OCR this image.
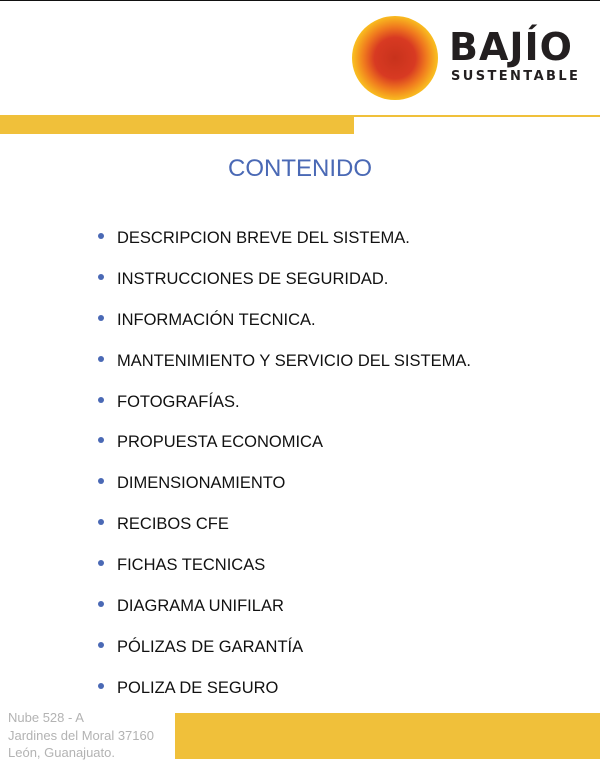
BAJÍO
SUSTENTABLE
CONTENIDO
DESCRIPCION BREVE DEL SISTEMA.
INSTRUCCIONES DE SEGURIDAD.
INFORMACIÓN TECNICA.
MANTENIMIENTO Y SERVICIO DEL SISTEMA.
FOTOGRAFÍAS.
PROPUESTA ECONOMICA
DIMENSIONAMIENTO
RECIBOS CFE
FICHAS TECNICAS
DIAGRAMA UNIFILAR
PÓLIZAS DE GARANTÍA
POLIZA DE SEGURO
Nube 528 - A
Jardines del Moral 37160
León, Guanajuato.
